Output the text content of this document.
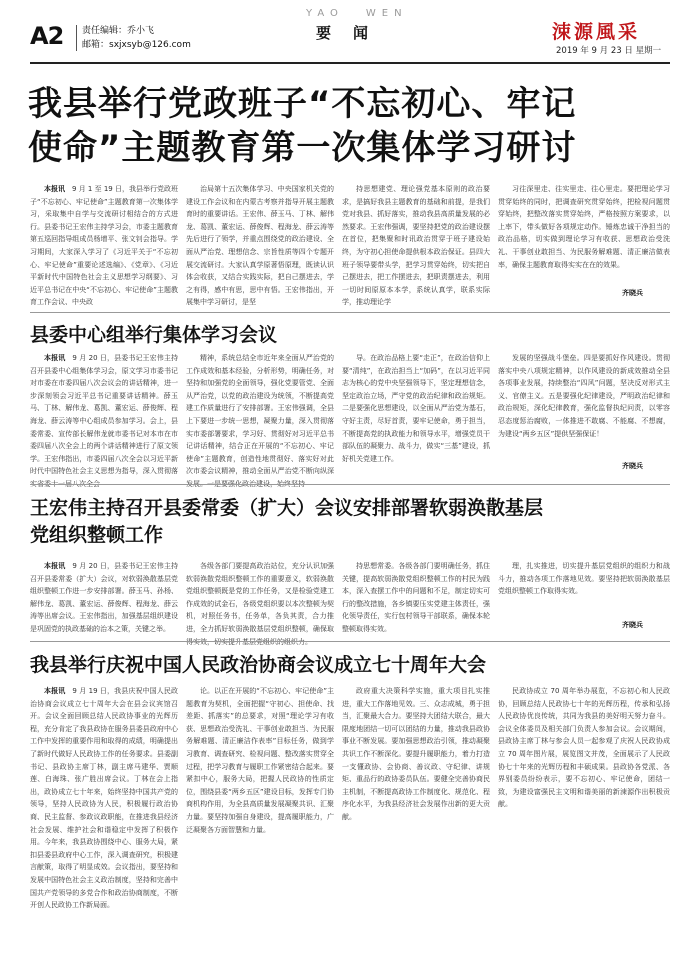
A2 责任编辑：乔小飞
邮箱：sxjxsyb@126.com
YAO WEN
要闻	涑源風采
2019 年 9 月 23 日 星期一
我县举行党政班子“不忘初心、牢记
使命”主题教育第一次集体学习研讨

本报讯　9 月 1 至 19 日，我县举行党政班子“不忘初心、牢记使命”主题教育第一次集体学习，采取集中自学与交流研讨相结合的方式进行。县委书记王宏伟主持学习会，市委主题教育第五巡回指导组成员杨增平、张文钊会指导。学习期间，大家深入学习了《习近平关于“不忘初心、牢记使命”重要论述选编》、《党章》、《习近平新时代中国特色社会主义思想学习纲要》、习近平总书记在中央“不忘初心、牢记使命”主题教育工作会议、中央政

治局第十五次集体学习、中央国家机关党的建设工作会议和在内蒙古考察并指导开展主题教育时的重要讲话。王宏伟、薛玉马、丁林、解伟龙、葛凯、董宏运、薛俊辉、程海龙、薛云涛等先后进行了领学，并重点围绕党的政治建设、全面从严治党、理想信念、宗旨性质等四个专题开展交流研讨。大家认真学原著悟原理，既读认识体会收获，又结合实践实际，把自己摆进去，学之有得，感中有思，思中有悟。王宏伟指出，开展集中学习研讨，是坚

持思想建党、理论强党基本原则的政治要求，是搞好我县主题教育的基础和前提，是我们党对我县、抓好落实，推动我县高质量发展的必然要求。王宏伟强调，要坚持把党的政治建设摆在首位，把集聚和时讯政治贯穿于班子建设始终，为守初心担使命提供根本政治保证。县四大班子领导要带头学，把学习贯穿始终，切实把自己摆进去，把工作摆进去，把职责摆进去，利用一切时间原原本本学，系统认真学，联系实际学，推动理论学

习往深里走、往实里走、往心里走。要把理论学习贯穿始终的同时，把调查研究贯穿始终，把检视问题贯穿始终，把整改落实贯穿始终，严格按照方案要求，以上率下，带头做好各项规定动作。锤炼忠诚干净担当的政治品格，切实做到理论学习有收获、思想政治受洗礼、干事创业敢担当、为民服务解难题、清正廉洁做表率，确保主题教育取得实实在在的效果。

齐晓兵
县委中心组举行集体学习会议

本报讯　9 月 20 日，县委书记王宏伟主持召开县委中心组集体学习会，原文学习市委书记对市委在市委四届八次会议会的讲话精神，进一步深刻领会习近平总书记重要讲话精神。薛玉马、丁林、解伟龙、葛凯、董宏运、薛俊辉、程海龙、薛云涛等中心组成员参加学习。会上，县委常委、宣传部长解伟龙就市委书记对本市在市委四届八次全会上的两个讲话精神进行了原文领学。王宏伟指出，市委四届八次全会以习近平新时代中国特色社会主义思想为指导，深入贯彻落

精神，系统总结全市近年来全面从严治党的工作成效和基本经验，分析形势，明确任务，对坚持和加强党的全面领导，强化党要管党、全面从严治党，以党的政治建设为统领，不断提高党建工作质量进行了安排部署。王宏伟强调，全县上下要进一步统一思想，凝聚力量，深入贯彻落实市委部署要求，学习好、贯彻好对习近平总书记讲话精神，结合正在开展的“不忘初心、牢记使命”主题教育，创造性地贯彻好、落实好对此次市委会议精神，推动全面从严治党不断向纵深

导。在政治品格上要“走正”，在政治信仰上要“清纯”，在政治担当上“加码”，在以习近平同志为核心的党中央坚强领导下，坚定理想信念，坚定政治立场，严守党的政治纪律和政治规矩。二是要强化思想建设，以全面从严治党为基石，守好主责，尽好首责，要牢记使命，勇于担当，不断提高党的执政能力和领导水平，增强党员干部队伍的凝聚力、战斗力，做实“三基”建设，抓好机关党建工作。

发展的坚强战斗堡垒。四是要抓好作风建设。贯彻落实中央八项规定精神，以作风建设的新成效推动全县各项事业发展，持续整治“四风”问题，坚决反对形式主义、官僚主义。五是要强化纪律建设，严明政治纪律和政治规矩，深化纪律教育，强化监督执纪问责，以零容忍态度惩治腐败，一体推进不敢腐、不能腐、不想腐，为建设“两乡五区”提供坚强保证！

齐晓兵
王宏伟主持召开县委常委（扩大）会议安排部署软弱涣散基层
党组织整顿工作

本报讯　9 月 20 日，县委书记王宏伟主持召开县委常委（扩大）会议，对软弱涣散基层党组织整顿工作进一步安排部署。薛玉马、孙杨、解伟龙、葛凯、董宏运、薛俊辉、程海龙、薛云涛等出席会议。王宏伟指出，加强基层组织建设是巩固党的执政基础的治本之策，关键之举。

各级各部门要提高政治站位，充分认识加强软弱涣散党组织整顿工作的重要意义，软弱涣散党组织整顿既是党的工作任务，又是检验党建工作成效的试金石，各级党组织要以本次整顿为契机，对照任务书，任务单，各负其责，合力推进，全力抓好软弱涣散基层党组织整顿，确保取

持思想常委。各级各部门要明确任务，抓住关键，提高软弱涣散党组织整顿工作的村民为践本，深入查摆工作中的问题和不足，制定切实可行的整改措施，各乡镇要压实党建主体责任，强化领导责任，实行包村领导干部联系，确保本轮整顿取得实效。

理，扎实推进，切实提升基层党组织的组织力和战斗力，推动各项工作落地见效。要坚持把软弱涣散基层党组织整顿工作取得实效。

齐晓兵
我县举行庆祝中国人民政治协商会议成立七十周年大会

本报讯　9 月 19 日，我县庆祝中国人民政治协商会议成立七十周年大会在县会议宾馆召开。会议全面回顾总结人民政协事业的光辉历程，充分肯定了我县政协在服务县委县政府中心工作中发挥的重要作用和取得的成绩，明确提出了新时代做好人民政协工作的任务要求。县委副书记、县政协主席丁林，副主席马建华、贾顺莲、白海珠、张广胜出席会议。丁林在会上指出，政协成立七十年来，始终坚持中国共产党的领导，坚持人民政协为人民，积极履行政治协商、民主监督、参政议政职能，在推进我县经济社会发展、维护社会和谐稳定中发挥了积极作用。今年来，我县政协围绕中心、服务大局，紧扣县委县政府中心工作，深入调查研究，积极建言献策，取得了明显成效。会议指出，要坚持和发展中国特色社会主义政治制度，坚持和完善中国共产党领导的多党合作和政治协商制度，不断开创人民政协工作新局面。

论。以正在开展的“不忘初心、牢记使命”主题教育为契机，全面把握“守初心、担使命、找差距、抓落实”的总要求，对照“理论学习有收获、思想政治受洗礼、干事创业敢担当、为民服务解难题、清正廉洁作表率”目标任务，做到学习教育、调查研究、检视问题、整改落实贯穿全过程，把学习教育与履职工作紧密结合起来。要紧扣中心，服务大局，把握人民政协的性质定位，围绕县委“两乡五区”建设目标，发挥专门协商机构作用，为全县高质量发展凝聚共识、汇聚力量。要坚持加强自身建设，提高履职能力，广泛凝聚各方面智慧和力量。

政府重大决策科学实施，重大项目扎实推进，重大工作落地见效。三、众志成城，勇于担当，汇聚最大合力。要坚持大团结大联合，最大限度地团结一切可以团结的力量，推动我县政协事业不断发展。要加强思想政治引领，推动凝聚共识工作不断深化。要提升履职能力，着力打造一支懂政协、会协商、善议政、守纪律、讲规矩、重品行的政协委员队伍。要健全完善协商民主机制，不断提高政协工作制度化、规范化、程序化水平，为我县经济社会发展作出新的更大贡献。

民政协成立 70 周年举办展览，不忘初心和人民政协，回顾总结人民政协七十年的光辉历程，传承和弘扬人民政协优良传统，共同为我县的美好明天努力奋斗。会议全体委员及相关部门负责人参加会议。会议期间，县政协主席丁林与参会人员一起参观了庆祝人民政协成立 70 周年图片展，展览图文并茂，全面展示了人民政协七十年来的光辉历程和丰硕成果。县政协各党派、各界别委员纷纷表示，要不忘初心、牢记使命，团结一致，为建设富强民主文明和谐美丽的新涑源作出积极贡献。
